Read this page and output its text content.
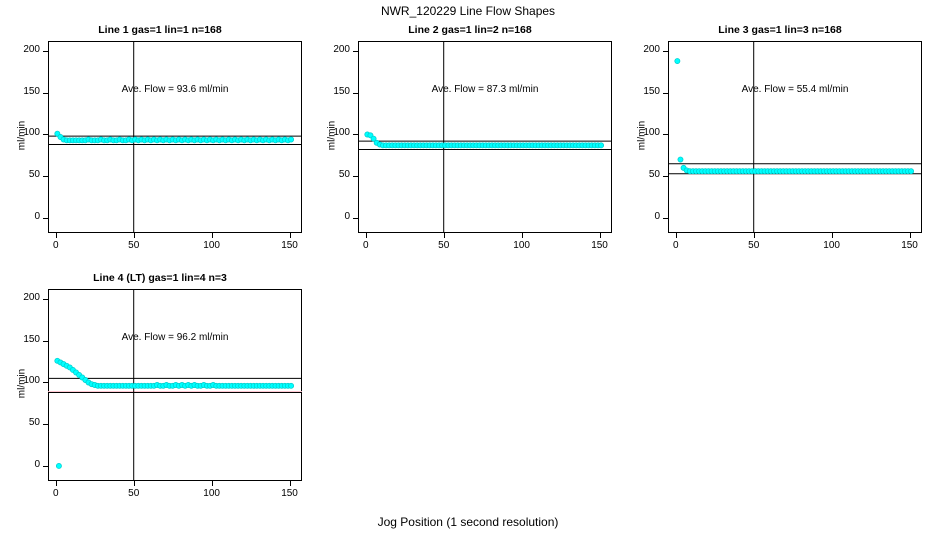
NWR_120229 Line Flow Shapes
Jog Position (1 second resolution)
Line 1 gas=1 lin=1 n=168
0
50
100
150
200
0	50	100	150
ml/min
Ave. Flow = 93.6 ml/min
Line 2 gas=1 lin=2 n=168
0
50
100
150
200
0	50	100	150
ml/min
Ave. Flow = 87.3 ml/min
Line 3 gas=1 lin=3 n=168
0
50
100
150
200
0	50	100	150
ml/min
Ave. Flow = 55.4 ml/min
Line 4 (LT) gas=1 lin=4 n=3
0
50
100
150
200
0	50	100	150
ml/min
Ave. Flow = 96.2 ml/min
